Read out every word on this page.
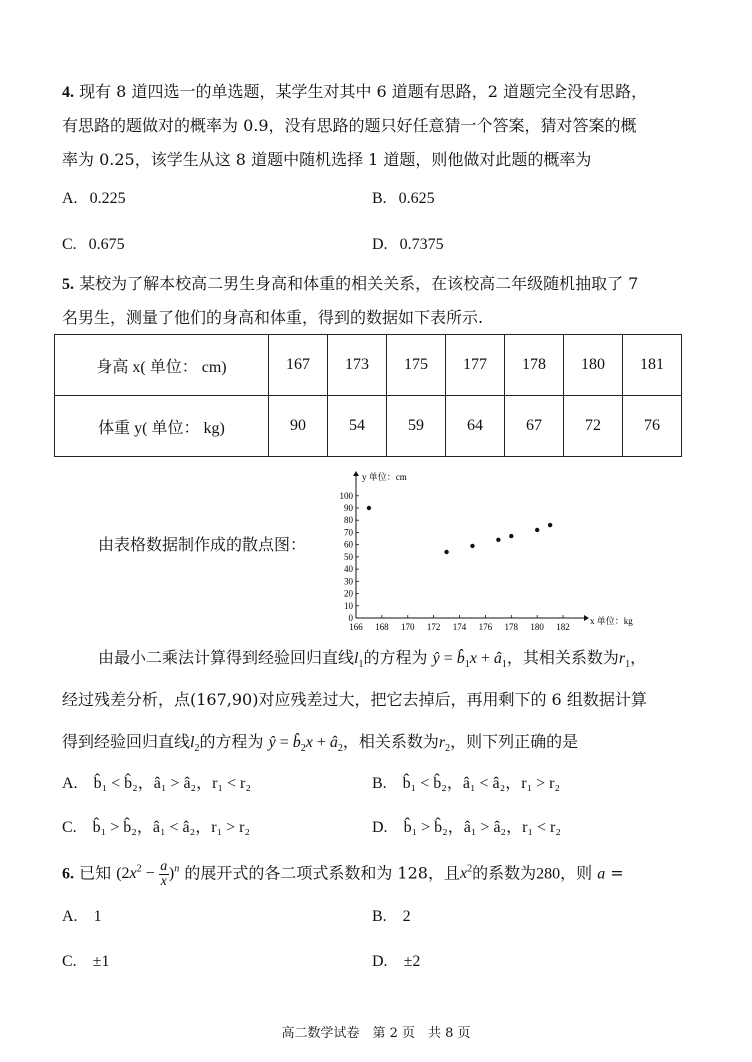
4. 现有 8 道四选一的单选题，某学生对其中 6 道题有思路，2 道题完全没有思路，
有思路的题做对的概率为 0.9，没有思路的题只好任意猜一个答案，猜对答案的概
率为 0.25，该学生从这 8 道题中随机选择 1 道题，则他做对此题的概率为
A. 0.225	B. 0.625
C. 0.675	D. 0.7375
5. 某校为了解本校高二男生身高和体重的相关关系，在该校高二年级随机抽取了 7
名男生，测量了他们的身高和体重，得到的数据如下表所示.
身高 x( 单位： cm)	167	173	175	177	178	180	181
体重 y( 单位： kg)	90	54	59	64	67	72	76
由表格数据制作成的散点图：
0
10
20
30
40
50
60
70
80
90
100
166 168 170 172 174 176 178 180 182
y 单位：cm
x 单位：kg
由最小二乘法计算得到经验回归直线$l_1$的方程为 ŷ = $b̂_1x$ + $â_1$，其相关系数为$r_1$，
经过残差分析，点(167,90)对应残差过大，把它去掉后，再用剩下的 6 组数据计算
得到经验回归直线$l_2$的方程为 ŷ = $b̂_2x$ + $â_2$，相关系数为$r_2$，则下列正确的是
A. b̂₁ < b̂₂，â₁ > â₂，r₁ < r₂	B. b̂₁ < b̂₂，â₁ < â₂，r₁ > r₂
C. b̂₁ > b̂₂，â₁ < â₂，r₁ > r₂	D. b̂₁ > b̂₂，â₁ > â₂，r₁ < r₂
6. 已知 $(2x^2 - \frac{a}{x})^n$ 的展开式的各二项式系数和为 128，且$x^2$的系数为280，则 a =
A. 1	B. 2
C. ±1	D. ±2
高二数学试卷　第 2 页　共 8 页
